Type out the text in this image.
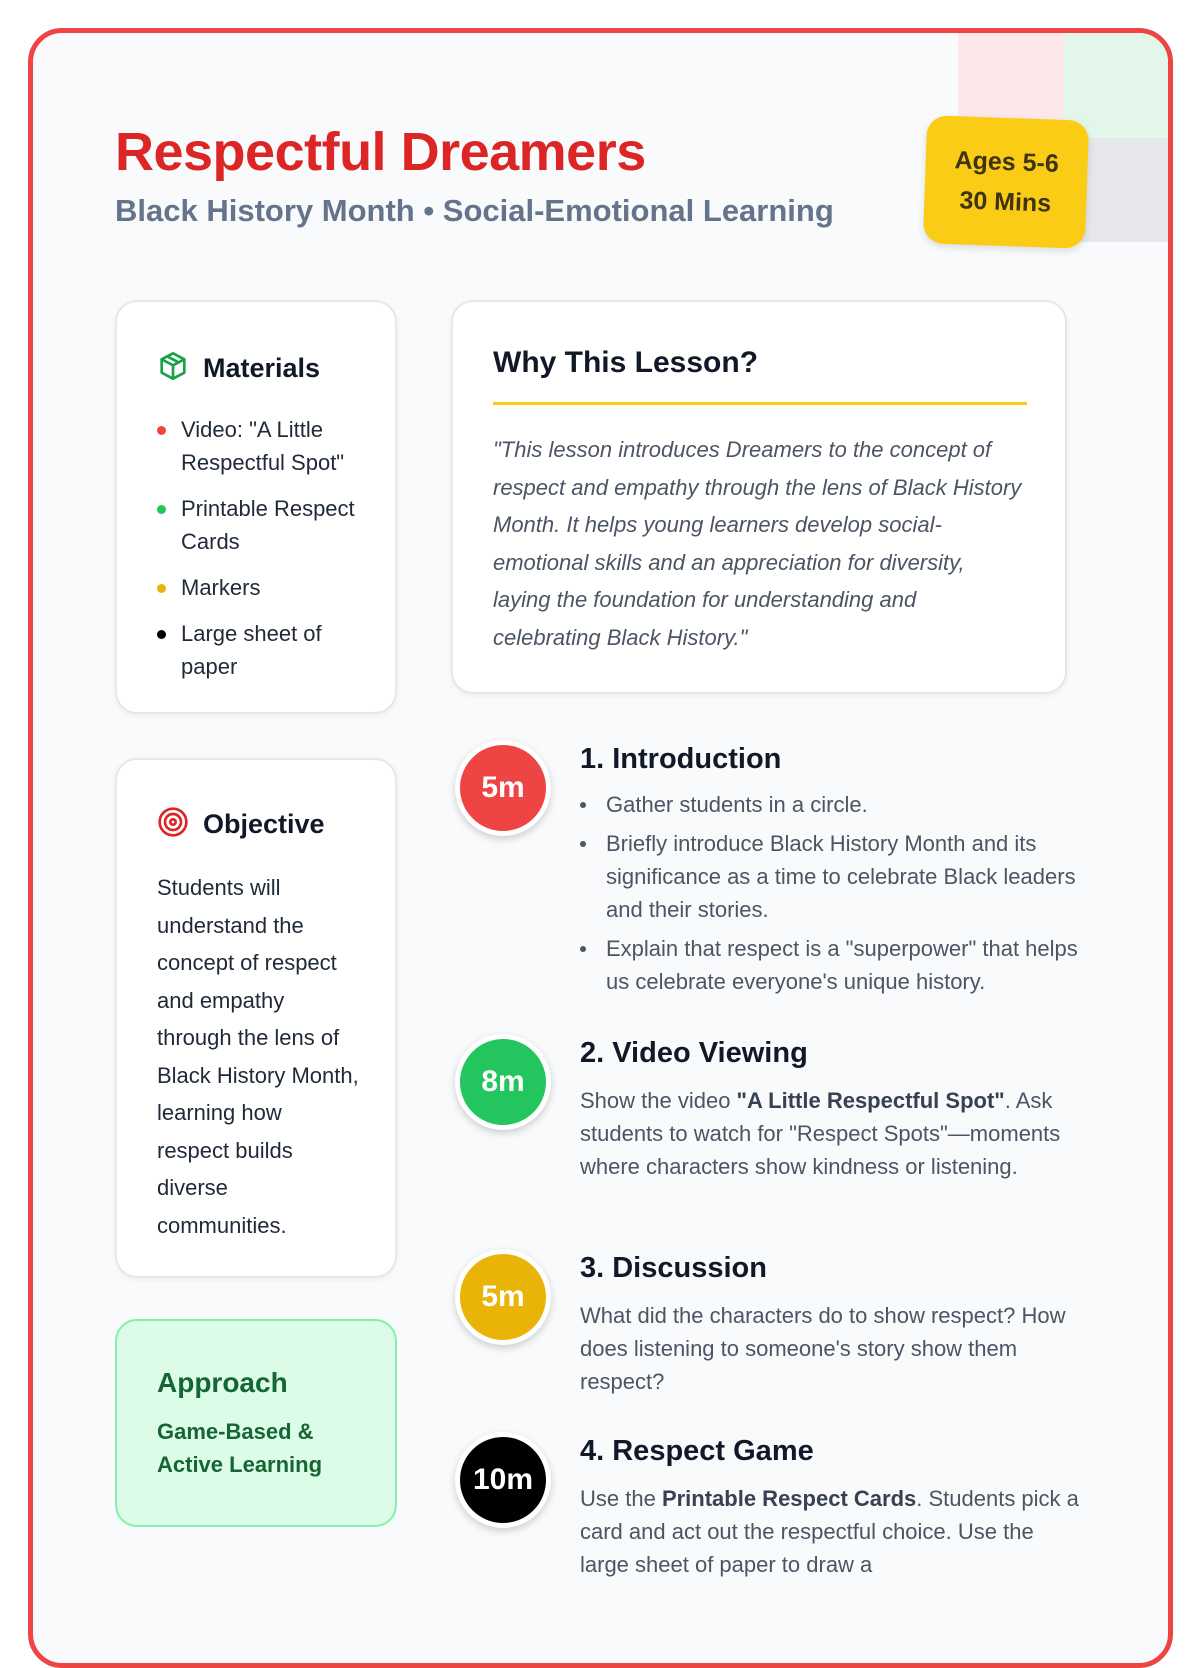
Respectful Dreamers
Black History Month • Social-Emotional Learning
Ages 5-6
30 Mins
Materials
Video: "A Little Respectful Spot"
Printable Respect Cards
Markers
Large sheet of paper
Objective

Students will understand the concept of respect and empathy through the lens of Black History Month, learning how respect builds diverse communities.

Approach

Game-Based & Active Learning

Why This Lesson?

"This lesson introduces Dreamers to the concept of respect and empathy through the lens of Black History Month. It helps young learners develop social-emotional skills and an appreciation for diversity, laying the foundation for understanding and celebrating Black History."

5m
1. Introduction
Gather students in a circle.
Briefly introduce Black History Month and its significance as a time to celebrate Black leaders and their stories.
Explain that respect is a "superpower" that helps us celebrate everyone's unique history.
8m
2. Video Viewing

Show the video "A Little Respectful Spot". Ask students to watch for "Respect Spots"—moments where characters show kindness or listening.

5m
3. Discussion

What did the characters do to show respect? How does listening to someone's story show them respect?

10m
4. Respect Game

Use the Printable Respect Cards. Students pick a card and act out the respectful choice. Use the large sheet of paper to draw a
